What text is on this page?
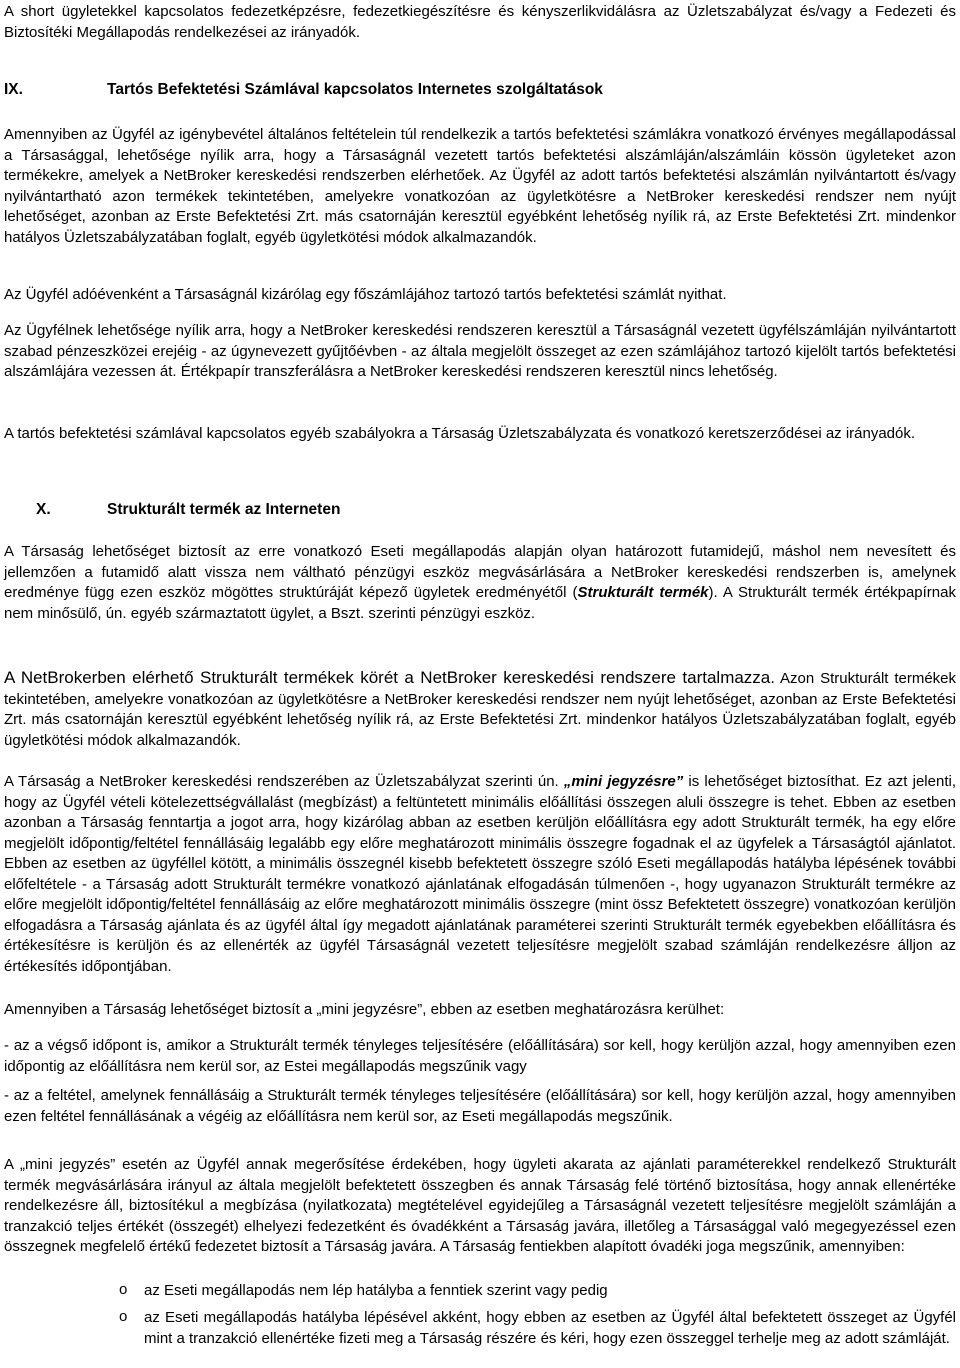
A short ügyletekkel kapcsolatos fedezetképzésre, fedezetkiegészítésre és kényszerlikvidálásra az Üzletszabályzat és/vagy a Fedezeti és Biztosítéki Megállapodás rendelkezései az irányadók.

IX.	Tartós Befektetési Számlával kapcsolatos Internetes szolgáltatások

Amennyiben az Ügyfél az igénybevétel általános feltételein túl rendelkezik a tartós befektetési számlákra vonatkozó érvényes megállapodással a Társasággal, lehetősége nyílik arra, hogy a Társaságnál vezetett tartós befektetési alszámláján/alszámláin kössön ügyleteket azon termékekre, amelyek a NetBroker kereskedési rendszerben elérhetőek. Az Ügyfél az adott tartós befektetési alszámlán nyilvántartott és/vagy nyilvántartható azon termékek tekintetében, amelyekre vonatkozóan az ügyletkötésre a NetBroker kereskedési rendszer nem nyújt lehetőséget, azonban az Erste Befektetési Zrt. más csatornáján keresztül egyébként lehetőség nyílik rá, az Erste Befektetési Zrt. mindenkor hatályos Üzletszabályzatában foglalt, egyéb ügyletkötési módok alkalmazandók.

Az Ügyfél adóévenként a Társaságnál kizárólag egy főszámlájához tartozó tartós befektetési számlát nyithat.

Az Ügyfélnek lehetősége nyílik arra, hogy a NetBroker kereskedési rendszeren keresztül a Társaságnál vezetett ügyfélszámláján nyilvántartott szabad pénzeszközei erejéig - az úgynevezett gyűjtőévben - az általa megjelölt összeget az ezen számlájához tartozó kijelölt tartós befektetési alszámlájára vezessen át. Értékpapír transzferálásra a NetBroker kereskedési rendszeren keresztül nincs lehetőség.

A tartós befektetési számlával kapcsolatos egyéb szabályokra a Társaság Üzletszabályzata és vonatkozó keretszerződései az irányadók.

X.	Strukturált termék az Interneten

A Társaság lehetőséget biztosít az erre vonatkozó Eseti megállapodás alapján olyan határozott futamidejű, máshol nem nevesített és jellemzően a futamidő alatt vissza nem váltható pénzügyi eszköz megvásárlására a NetBroker kereskedési rendszerben is, amelynek eredménye függ ezen eszköz mögöttes struktúráját képező ügyletek eredményétől (Strukturált termék). A Strukturált termék értékpapírnak nem minősülő, ún. egyéb származtatott ügylet, a Bszt. szerinti pénzügyi eszköz.

A NetBrokerben elérhető Strukturált termékek körét a NetBroker kereskedési rendszere tartalmazza. Azon Strukturált termékek tekintetében, amelyekre vonatkozóan az ügyletkötésre a NetBroker kereskedési rendszer nem nyújt lehetőséget, azonban az Erste Befektetési Zrt. más csatornáján keresztül egyébként lehetőség nyílik rá, az Erste Befektetési Zrt. mindenkor hatályos Üzletszabályzatában foglalt, egyéb ügyletkötési módok alkalmazandók.

A Társaság a NetBroker kereskedési rendszerében az Üzletszabályzat szerinti ún. „mini jegyzésre” is lehetőséget biztosíthat. Ez azt jelenti, hogy az Ügyfél vételi kötelezettségvállalást (megbízást) a feltüntetett minimális előállítási összegen aluli összegre is tehet. Ebben az esetben azonban a Társaság fenntartja a jogot arra, hogy kizárólag abban az esetben kerüljön előállításra egy adott Strukturált termék, ha egy előre megjelölt időpontig/feltétel fennállásáig legalább egy előre meghatározott minimális összegre fogadnak el az ügyfelek a Társaságtól ajánlatot. Ebben az esetben az ügyféllel kötött, a minimális összegnél kisebb befektetett összegre szóló Eseti megállapodás hatályba lépésének további előfeltétele - a Társaság adott Strukturált termékre vonatkozó ajánlatának elfogadásán túlmenően -, hogy ugyanazon Strukturált termékre az előre megjelölt időpontig/feltétel fennállásáig az előre meghatározott minimális összegre (mint össz Befektetett összegre) vonatkozóan kerüljön elfogadásra a Társaság ajánlata és az ügyfél által így megadott ajánlatának paraméterei szerinti Strukturált termék egyebekben előállításra és értékesítésre is kerüljön és az ellenérték az ügyfél Társaságnál vezetett teljesítésre megjelölt szabad számláján rendelkezésre álljon az értékesítés időpontjában.

Amennyiben a Társaság lehetőséget biztosít a „mini jegyzésre”, ebben az esetben meghatározásra kerülhet:

- az a végső időpont is, amikor a Strukturált termék tényleges teljesítésére (előállítására) sor kell, hogy kerüljön azzal, hogy amennyiben ezen időpontig az előállításra nem kerül sor, az Estei megállapodás megszűnik vagy

- az a feltétel, amelynek fennállásáig a Strukturált termék tényleges teljesítésére (előállítására) sor kell, hogy kerüljön azzal, hogy amennyiben ezen feltétel fennállásának a végéig az előállításra nem kerül sor, az Eseti megállapodás megszűnik.

A „mini jegyzés” esetén az Ügyfél annak megerősítése érdekében, hogy ügyleti akarata az ajánlati paraméterekkel rendelkező Strukturált termék megvásárlására irányul az általa megjelölt befektetett összegben és annak Társaság felé történő biztosítása, hogy annak ellenértéke rendelkezésre áll, biztosítékul a megbízása (nyilatkozata) megtételével egyidejűleg a Társaságnál vezetett teljesítésre megjelölt számláján a tranzakció teljes értékét (összegét) elhelyezi fedezetként és óvadékként a Társaság javára, illetőleg a Társasággal való megegyezéssel ezen összegnek megfelelő értékű fedezetet biztosít a Társaság javára. A Társaság fentiekben alapított óvadéki joga megszűnik, amennyiben:

o az Eseti megállapodás nem lép hatályba a fenntiek szerint vagy pedig

o az Eseti megállapodás hatályba lépésével akként, hogy ebben az esetben az Ügyfél által befektetett összeget az Ügyfél mint a tranzakció ellenértéke fizeti meg a Társaság részére és kéri, hogy ezen összeggel terhelje meg az adott számláját.
